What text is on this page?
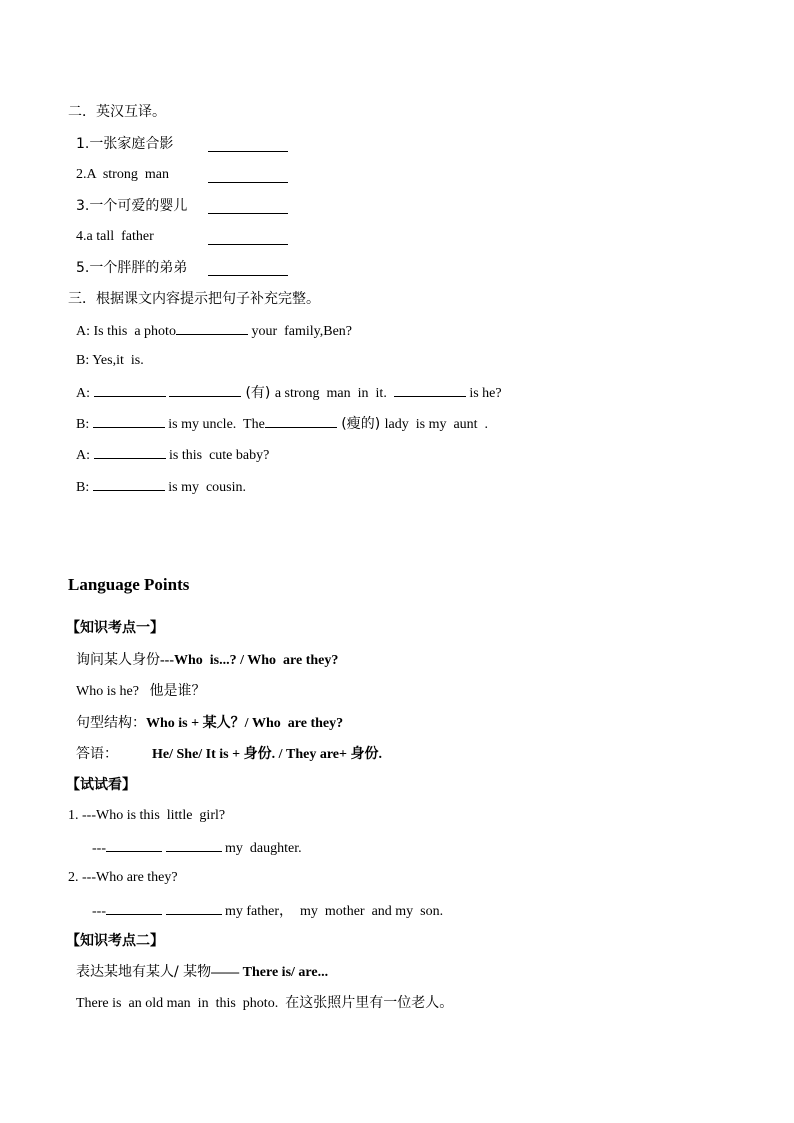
二．英汉互译。
1.一张家庭合影
2.A  strong  man
3.一个可爱的婴儿
4.a tall  father
5.一个胖胖的弟弟
三．根据课文内容提示把句子补充完整。
A: Is this  a photo	your  family,Ben?
B: Yes,it  is.
A:	(有) a strong  man  in  it.	is he?
B:	is my uncle.  The	(瘦的) lady  is my  aunt  .
A:	is this  cute baby?
B:	is my  cousin.
Language Points
【知识考点一】
询问某人身份---Who  is...? / Who  are they?
Who is he?   他是谁？
句型结构：Who is + 某人？/ Who  are they?
答语： He/ She/ It is + 身份. / They are+ 身份.
【试试看】
1. ---Who is this  little  girl?
---	my  daughter.
2. ---Who are they?
---	my father，  my  mother  and my  son.
【知识考点二】
表达某地有某人/ 某物—— There is/ are...
There is  an old man  in  this  photo.  在这张照片里有一位老人。
